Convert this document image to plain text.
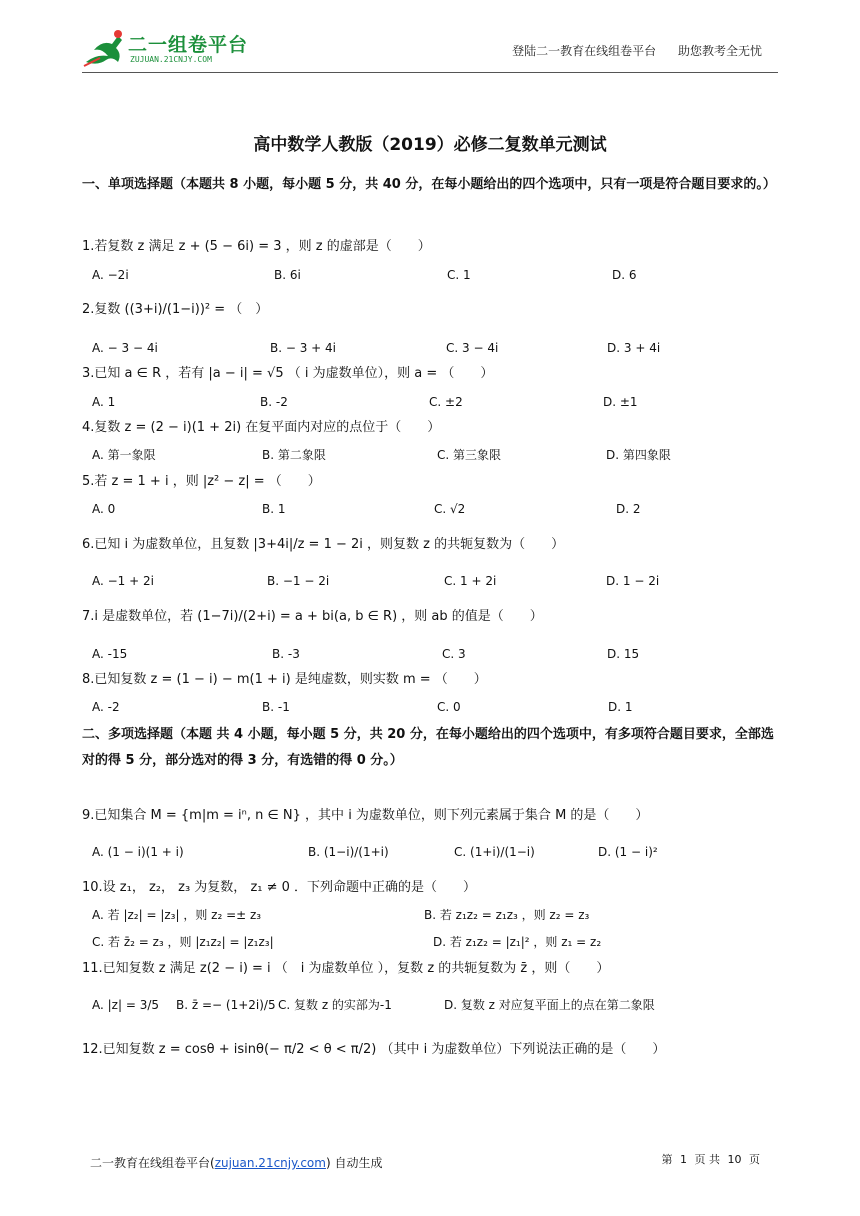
二一组卷平台
ZUJUAN.21CNJY.COM
登陆二一教育在线组卷平台 助您教考全无忧
高中数学人教版（2019）必修二复数单元测试
一、单项选择题（本题共 8 小题，每小题 5 分，共 40 分，在每小题给出的四个选项中，只有一项是符合题目要求的。）
1.若复数 z 满足 z + (5 − 6i) = 3 ，则 z 的虚部是（　　）
A. −2i	B. 6i	C. 1	D. 6
2.复数 ((3+i)/(1−i))² = （　）
A. − 3 − 4i	B. − 3 + 4i	C. 3 − 4i	D. 3 + 4i
3.已知 a ∈ R ，若有 |a − i| = √5 （ i 为虚数单位），则 a = （　　）
A. 1	B. -2	C. ±2	D. ±1
4.复数 z = (2 − i)(1 + 2i) 在复平面内对应的点位于（　　）
A. 第一象限	B. 第二象限	C. 第三象限	D. 第四象限
5.若 z = 1 + i ，则 |z² − z| = （　　）
A. 0	B. 1	C. √2	D. 2
6.已知 i 为虚数单位，且复数 |3+4i|/z = 1 − 2i ，则复数 z 的共轭复数为（　　）
A. −1 + 2i	B. −1 − 2i	C. 1 + 2i	D. 1 − 2i
7.i 是虚数单位，若 (1−7i)/(2+i) = a + bi(a, b ∈ R) ，则 ab 的值是（　　）
A. -15	B. -3	C. 3	D. 15
8.已知复数 z = (1 − i) − m(1 + i) 是纯虚数，则实数 m = （　　）
A. -2	B. -1	C. 0	D. 1
二、多项选择题（本题 共 4 小题，每小题 5 分，共 20 分，在每小题给出的四个选项中，有多项符合题目要求，全部选对的得 5 分，部分选对的得 3 分，有选错的得 0 分。）
9.已知集合 M = {m|m = iⁿ, n ∈ N} ，其中 i 为虚数单位，则下列元素属于集合 M 的是（　　）
A. (1 − i)(1 + i)	B. (1−i)/(1+i)	C. (1+i)/(1−i)	D. (1 − i)²
10.设 z₁， z₂， z₃ 为复数， z₁ ≠ 0 ．下列命题中正确的是（　　）
A. 若 |z₂| = |z₃| ，则 z₂ =± z₃	B. 若 z₁z₂ = z₁z₃ ，则 z₂ = z₃
C. 若 z̄₂ = z₃ ，则 |z₁z₂| = |z₁z₃|	D. 若 z₁z₂ = |z₁|² ，则 z₁ = z₂
11.已知复数 z 满足 z(2 − i) = i （　i 为虚数单位 ），复数 z 的共轭复数为 z̄ ，则（　　）
A. |z| = 3/5 B. z̄ =− (1+2i)/5 C. 复数 z 的实部为-1	D. 复数 z 对应复平面上的点在第二象限
12.已知复数 z = cosθ + isinθ(− π/2 < θ < π/2) （其中 i 为虚数单位）下列说法正确的是（　　）
二一教育在线组卷平台(zujuan.21cnjy.com) 自动生成	第 1 页 共 10 页
